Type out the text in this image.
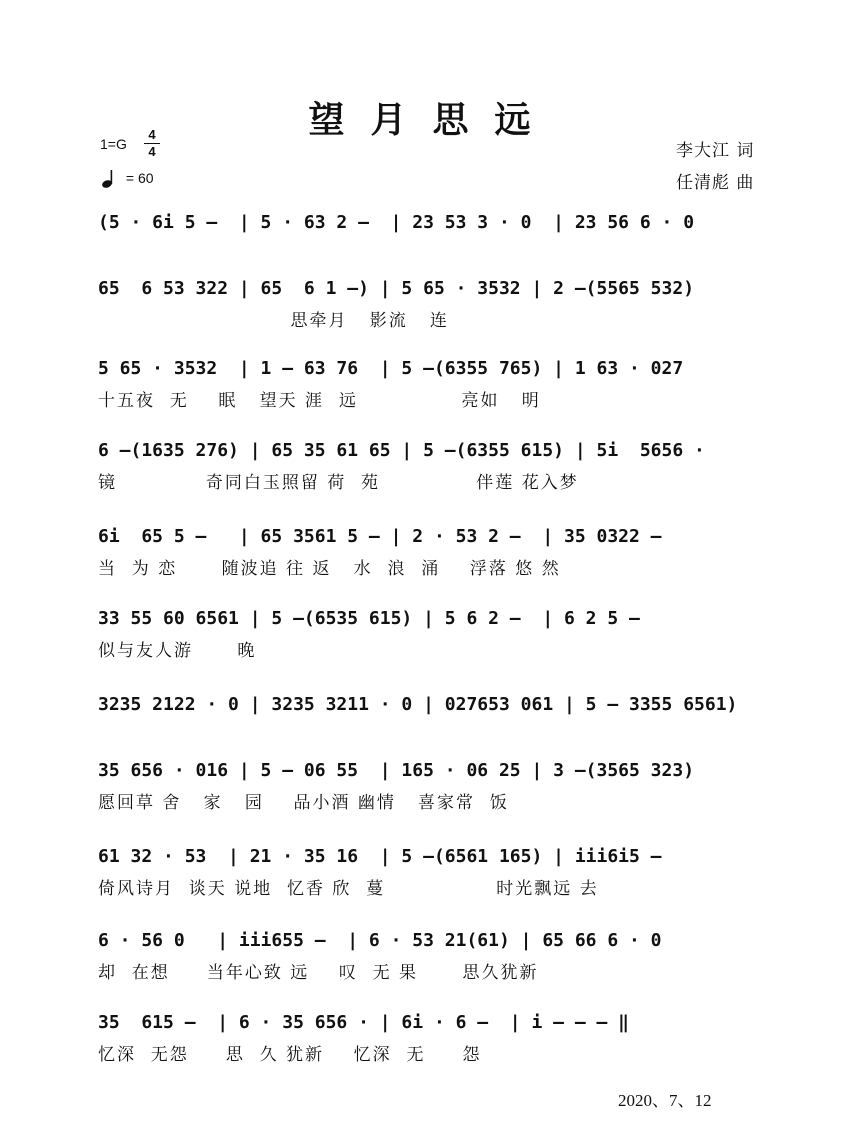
望月思远
1=G
4
4
= 60
李大江 词
任清彪 曲
(5 · 6i 5 –  | 5 · 63 2 –  | 23 53 3 · 0  | 23 56 6 · 0
65  6 53 322 | 65  6 1 –) | 5 65 · 3532 | 2 –(5565 532)
思牵月   影流   连
5 65 · 3532  | 1 – 63 76  | 5 –(6355 765) | 1 63 · 027
十五夜  无    眠   望天 涯  远              亮如   明
6 –(1635 276) | 65 35 61 65 | 5 –(6355 615) | 5i  5656 ·
镜            奇同白玉照留 荷  苑             伴莲 花入梦
6i  65 5 –   | 65 3561 5 – | 2 · 53 2 –  | 35 0322 –
当  为 恋      随波追 往 返   水  浪  涌    浮落 悠 然
33 55 60 6561 | 5 –(6535 615) | 5 6 2 –  | 6 2 5 –
似与友人游      晚
3235 2122 · 0 | 3235 3211 · 0 | 027653 061 | 5 – 3355 6561)
35 656 · 016 | 5 – 06 55  | 165 · 06 25 | 3 –(3565 323)
愿回草 舍   家   园    品小酒 幽情   喜家常  饭
61 32 · 53  | 21 · 35 16  | 5 –(6561 165) | iii6i5 –
倚风诗月  谈天 说地  忆香 欣  蔓               时光飘远 去
6 · 56 0   | iii655 –  | 6 · 53 21(61) | 65 66 6 · 0
却  在想     当年心致 远    叹  无 果      思久犹新
35  615 –  | 6 · 35 656 · | 6i · 6 –  | i – – – ‖
忆深  无怨     思  久 犹新    忆深  无     怨
2020、7、12
